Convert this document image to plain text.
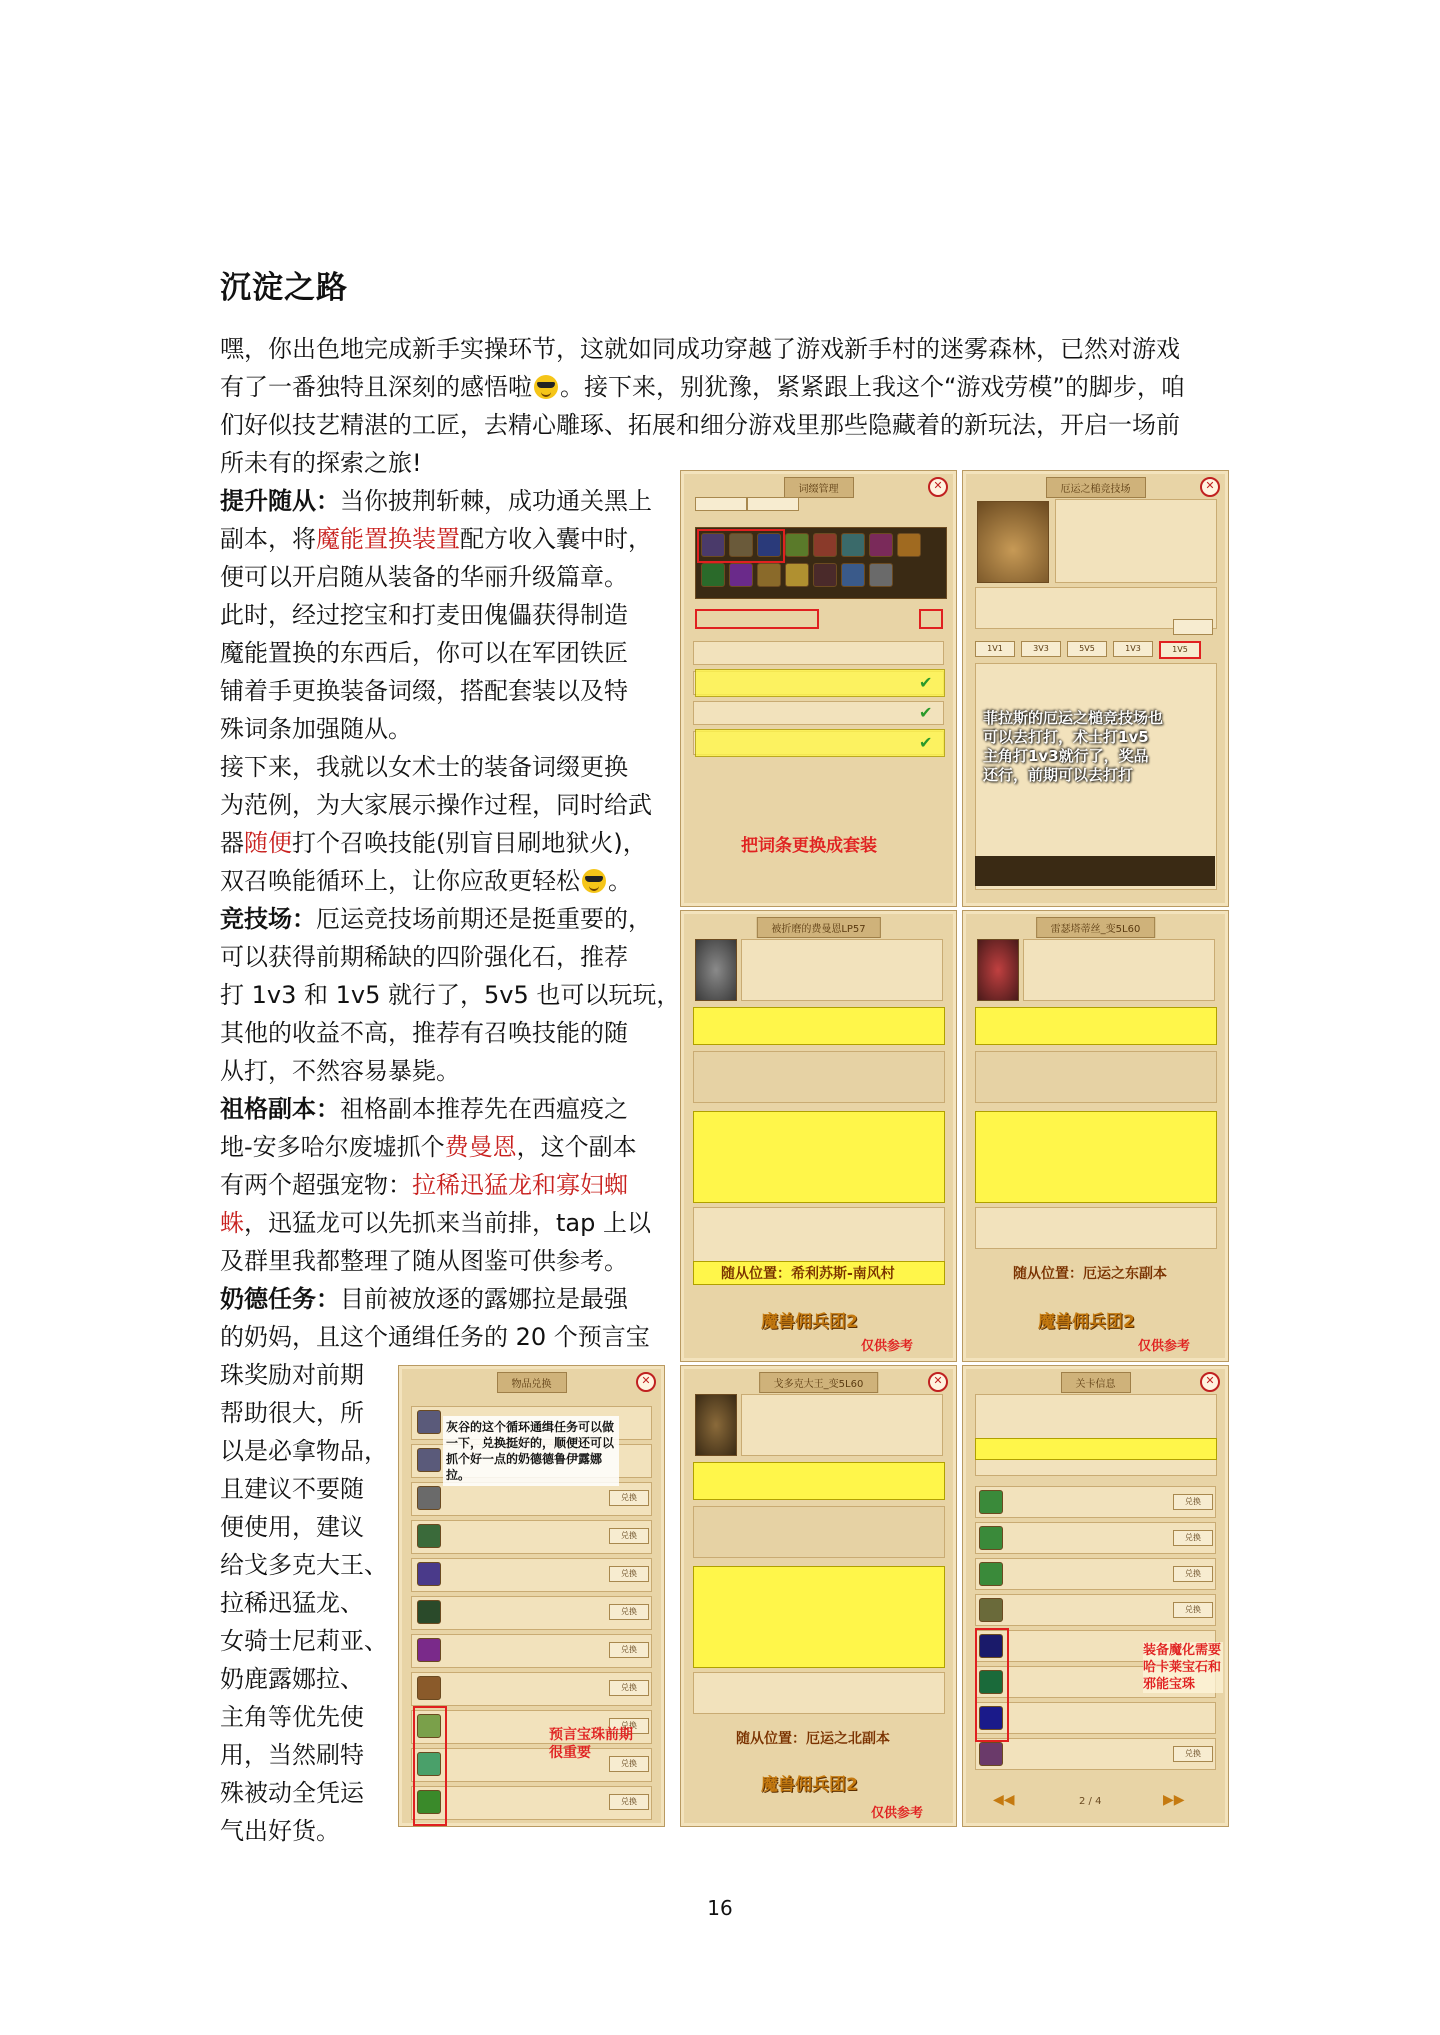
沉淀之路
嘿，你出色地完成新手实操环节，这就如同成功穿越了游戏新手村的迷雾森林，已然对游戏
有了一番独特且深刻的感悟啦 。接下来，别犹豫，紧紧跟上我这个“游戏劳模”的脚步，咱
们好似技艺精湛的工匠，去精心雕琢、拓展和细分游戏里那些隐藏着的新玩法，开启一场前
所未有的探索之旅!
提升随从：当你披荆斩棘，成功通关黑上
副本，将魔能置换装置配方收入囊中时，
便可以开启随从装备的华丽升级篇章。
此时，经过挖宝和打麦田傀儡获得制造
魔能置换的东西后，你可以在军团铁匠
铺着手更换装备词缀，搭配套装以及特
殊词条加强随从。
接下来，我就以女术士的装备词缀更换
为范例，为大家展示操作过程，同时给武
器随便打个召唤技能(别盲目刷地狱火)，
双召唤能循环上，让你应敌更轻松 。
竞技场：厄运竞技场前期还是挺重要的，
可以获得前期稀缺的四阶强化石，推荐
打 1v3 和 1v5 就行了，5v5 也可以玩玩，
其他的收益不高，推荐有召唤技能的随
从打，不然容易暴毙。
祖格副本：祖格副本推荐先在西瘟疫之
地-安多哈尔废墟抓个费曼恩，这个副本
有两个超强宠物：拉稀迅猛龙和寡妇蜘
蛛，迅猛龙可以先抓来当前排，tap 上以
及群里我都整理了随从图鉴可供参考。
奶德任务：目前被放逐的露娜拉是最强
的奶妈，且这个通缉任务的 20 个预言宝
珠奖励对前期
帮助很大，所
以是必拿物品，
且建议不要随
便使用，建议
给戈多克大王、
拉稀迅猛龙、
女骑士尼莉亚、
奶鹿露娜拉、
主角等优先使
用，当然刷特
殊被动全凭运
气出好货。
词缀管理	✕
✔
✔
✔
把词条更换成套装
厄运之槌竞技场	✕
1V1	3V3	5V5	1V3	1V5
菲拉斯的厄运之槌竞技场也可以去打打，术士打1v5主角打1v3就行了，奖品还行，前期可以去打打
被折磨的费曼恩LP57
随从位置：希利苏斯-南风村
魔兽佣兵团2
仅供参考
雷瑟塔蒂丝_变5L60
随从位置：厄运之东副本
魔兽佣兵团2
仅供参考
物品兑换	✕
兑换
兑换
兑换
兑换
兑换
兑换
兑换
兑换
兑换
灰谷的这个循环通缉任务可以做一下，兑换挺好的，顺便还可以抓个好一点的奶德德鲁伊露娜拉。
预言宝珠前期很重要
戈多克大王_变5L60	✕
随从位置：厄运之北副本
魔兽佣兵团2
仅供参考
关卡信息	✕
兑换
兑换
兑换
兑换
兑换
装备魔化需要哈卡莱宝石和邪能宝珠
2 / 4
◀◀	▶▶
16
